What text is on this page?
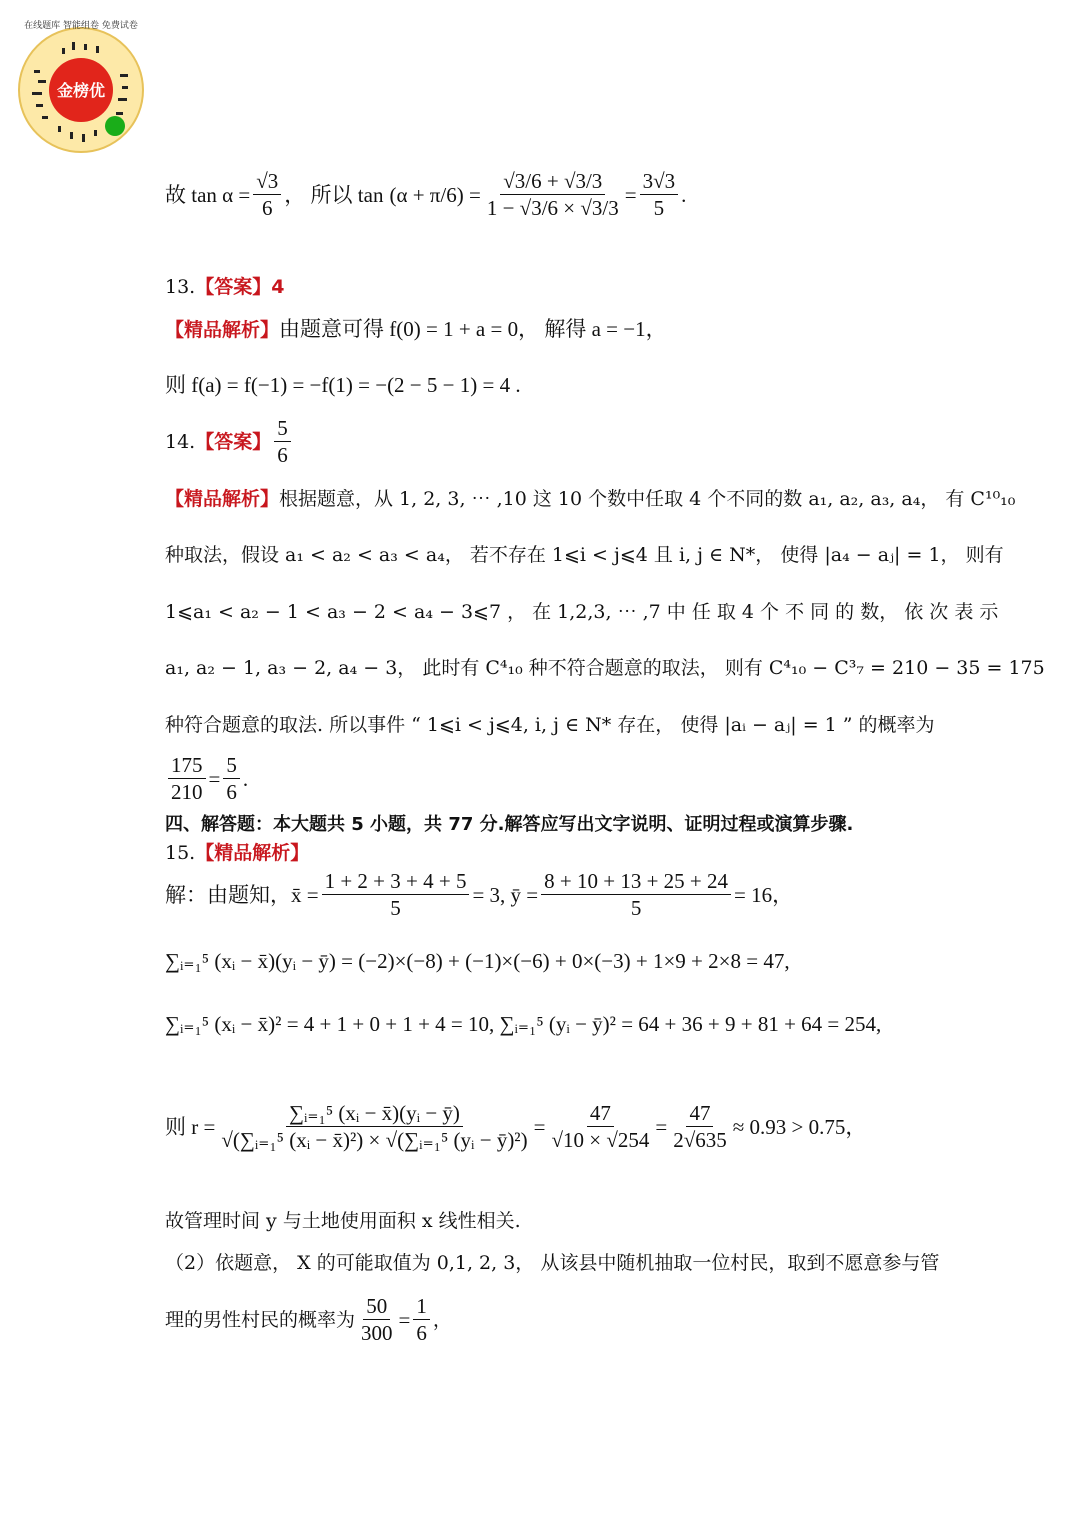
金榜优
在线题库 智能组卷 免费试卷
故 $\tan \alpha = \frac{√3}{6}$ ， 所以 $\tan (\alpha + \pi/6) = \frac{√3/6 + √3/3}{1 - √3/6 \times √3/3} = \frac{3√3}{5}$ .
13.【答案】4
【精品解析】由题意可得 f(0) = 1 + a = 0， 解得 a = −1，
则 f(a) = f(−1) = −f(1) = −(2 − 5 − 1) = 4 .
14. 【答案】 $\frac{5}{6}$
【精品解析】根据题意，从 1, 2, 3, ⋯ ,10 这 10 个数中任取 4 个不同的数 a₁, a₂, a₃, a₄， 有 C¹⁰₁₀
种取法，假设 a₁ < a₂ < a₃ < a₄， 若不存在 1⩽i < j⩽4 且 i, j ∈ N*， 使得 |a₄ − aⱼ| = 1， 则有
1⩽a₁ < a₂ − 1 < a₃ − 2 < a₄ − 3⩽7 ， 在 1,2,3, ⋯ ,7 中 任 取 4 个 不 同 的 数， 依 次 表 示
a₁, a₂ − 1, a₃ − 2, a₄ − 3， 此时有 C⁴₁₀ 种不符合题意的取法， 则有 C⁴₁₀ − C³₇ = 210 − 35 = 175
种符合题意的取法. 所以事件 “ 1⩽i < j⩽4, i, j ∈ N* 存在， 使得 |aᵢ − aⱼ| = 1 ” 的概率为
$\frac{175}{210} = \frac{5}{6}$ .
四、解答题：本大题共 5 小题，共 77 分.解答应写出文字说明、证明过程或演算步骤.
15.【精品解析】
解：由题知，x̄ = $\frac{1 + 2 + 3 + 4 + 5}{5} = 3$, ȳ = $\frac{8 + 10 + 13 + 25 + 24}{5} = 16$，
∑ᵢ₌₁⁵ (xᵢ − x̄)(yᵢ − ȳ) = (−2)×(−8) + (−1)×(−6) + 0×(−3) + 1×9 + 2×8 = 47,
∑ᵢ₌₁⁵ (xᵢ − x̄)² = 4 + 1 + 0 + 1 + 4 = 10, ∑ᵢ₌₁⁵ (yᵢ − ȳ)² = 64 + 36 + 9 + 81 + 64 = 254,
则 $r = \frac{\text{∑ᵢ₌₁⁵ (xᵢ − x̄)(yᵢ − ȳ)}}{\text{√(∑ᵢ₌₁⁵ (xᵢ − x̄)²) × √(∑ᵢ₌₁⁵ (yᵢ − ȳ)²)}} = \frac{47}{√10 \times √254} = \frac{47}{2√635} \approx 0.93 > 0.75$，
故管理时间 y 与土地使用面积 x 线性相关.
（2）依题意， X 的可能取值为 0,1, 2, 3， 从该县中随机抽取一位村民，取到不愿意参与管
理的男性村民的概率为 $\frac{50}{300} = \frac{1}{6}$ ，
